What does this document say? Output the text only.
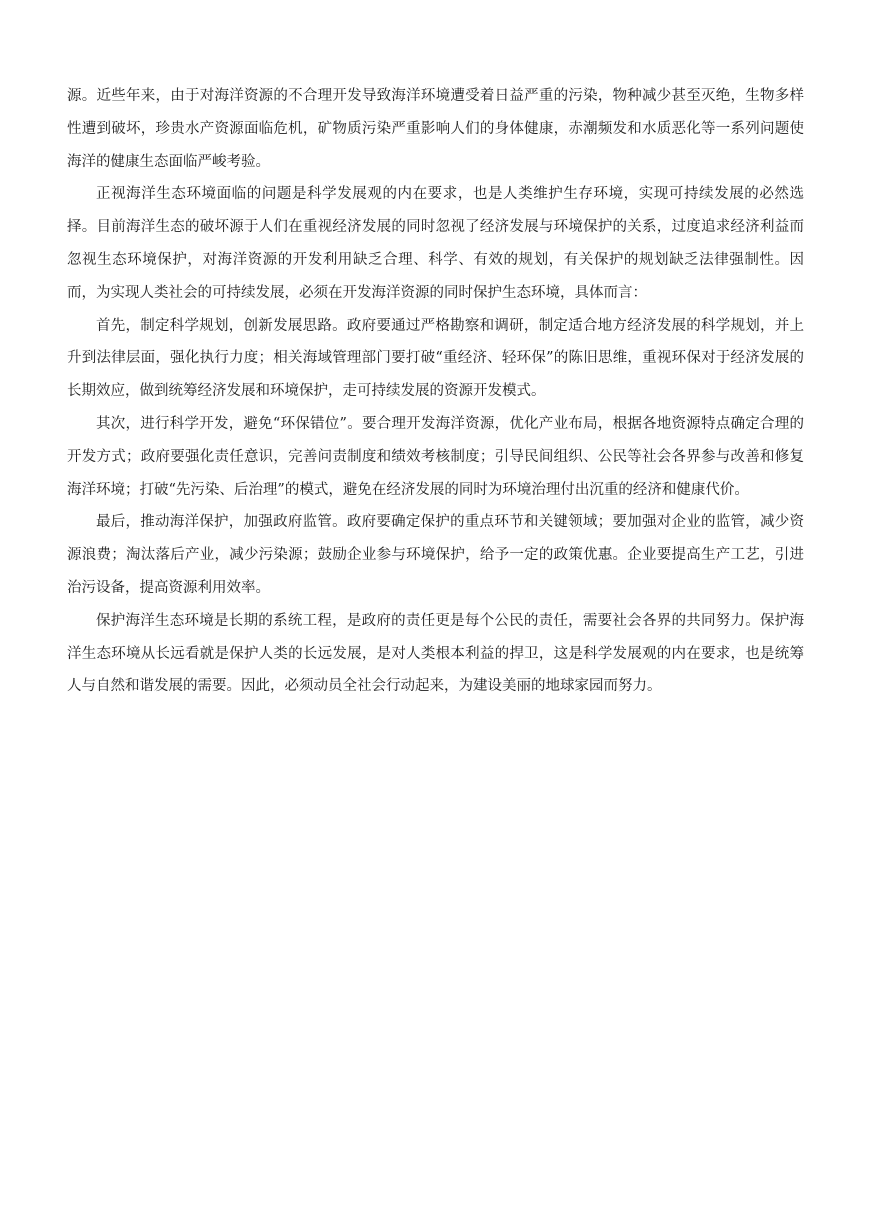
源。近些年来，由于对海洋资源的不合理开发导致海洋环境遭受着日益严重的污染，物种减少甚至灭绝，生物多样性遭到破坏，珍贵水产资源面临危机，矿物质污染严重影响人们的身体健康，赤潮频发和水质恶化等一系列问题使海洋的健康生态面临严峻考验。

正视海洋生态环境面临的问题是科学发展观的内在要求，也是人类维护生存环境，实现可持续发展的必然选择。目前海洋生态的破坏源于人们在重视经济发展的同时忽视了经济发展与环境保护的关系，过度追求经济利益而忽视生态环境保护，对海洋资源的开发利用缺乏合理、科学、有效的规划，有关保护的规划缺乏法律强制性。因而，为实现人类社会的可持续发展，必须在开发海洋资源的同时保护生态环境，具体而言：

首先，制定科学规划，创新发展思路。政府要通过严格勘察和调研，制定适合地方经济发展的科学规划，并上升到法律层面，强化执行力度；相关海域管理部门要打破“重经济、轻环保”的陈旧思维，重视环保对于经济发展的长期效应，做到统筹经济发展和环境保护，走可持续发展的资源开发模式。

其次，进行科学开发，避免“环保错位”。要合理开发海洋资源，优化产业布局，根据各地资源特点确定合理的开发方式；政府要强化责任意识，完善问责制度和绩效考核制度；引导民间组织、公民等社会各界参与改善和修复海洋环境；打破“先污染、后治理”的模式，避免在经济发展的同时为环境治理付出沉重的经济和健康代价。

最后，推动海洋保护，加强政府监管。政府要确定保护的重点环节和关键领域；要加强对企业的监管，减少资源浪费；淘汰落后产业，减少污染源；鼓励企业参与环境保护，给予一定的政策优惠。企业要提高生产工艺，引进治污设备，提高资源利用效率。

保护海洋生态环境是长期的系统工程，是政府的责任更是每个公民的责任，需要社会各界的共同努力。保护海洋生态环境从长远看就是保护人类的长远发展，是对人类根本利益的捍卫，这是科学发展观的内在要求，也是统筹人与自然和谐发展的需要。因此，必须动员全社会行动起来，为建设美丽的地球家园而努力。
